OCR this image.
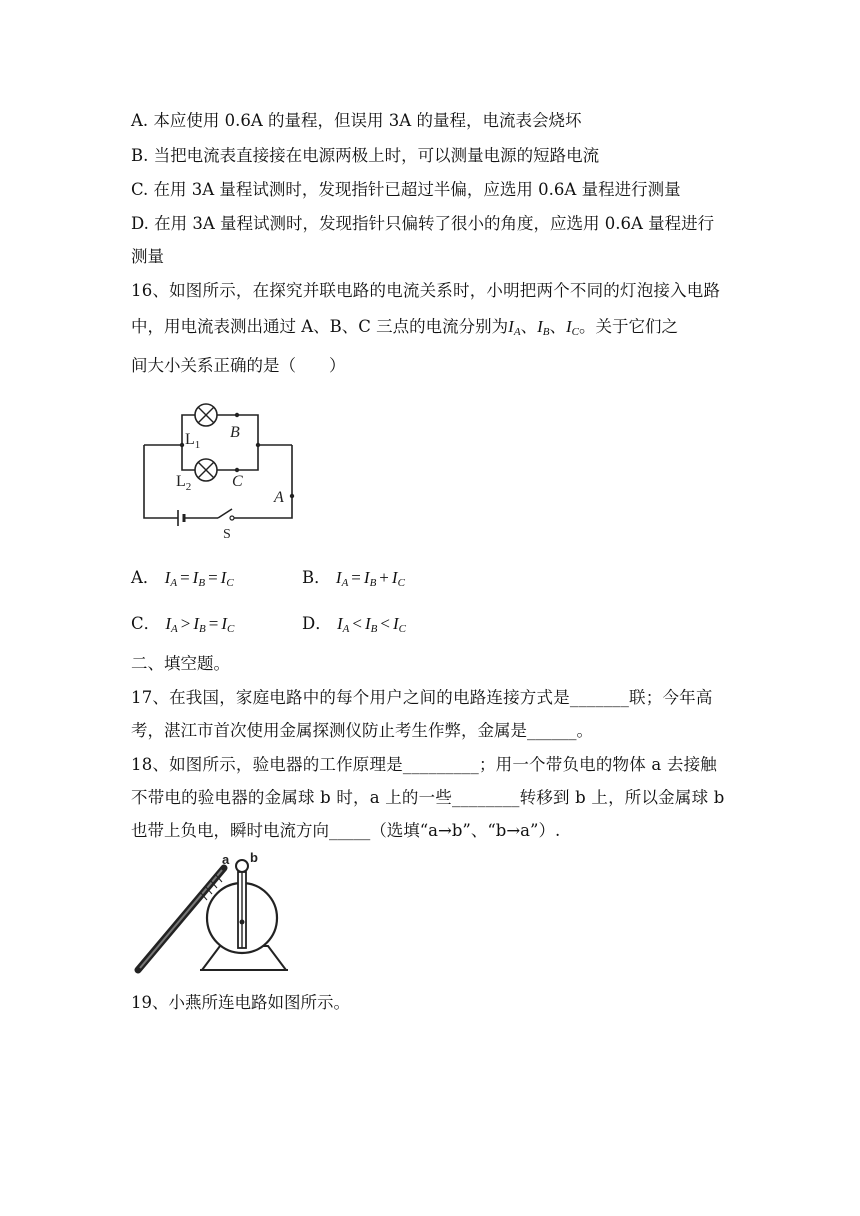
A. 本应使用 0.6A 的量程，但误用 3A 的量程，电流表会烧坏
B. 当把电流表直接接在电源两极上时，可以测量电源的短路电流
C. 在用 3A 量程试测时，发现指针已超过半偏，应选用 0.6A 量程进行测量
D. 在用 3A 量程试测时，发现指针只偏转了很小的角度，应选用 0.6A 量程进行
测量
16、如图所示，在探究并联电路的电流关系时，小明把两个不同的灯泡接入电路
中，用电流表测出通过 A、B、C 三点的电流分别为$I_A$、$I_B$、$I_C$。关于它们之
间大小关系正确的是（　　）
$L_1$
B
$L_2$	C
A
S
A． $I_A = I_B = I_C$	B． $I_A = I_B + I_C$
C． $I_A > I_B = I_C$	D． $I_A < I_B < I_C$
二、填空题。
17、在我国，家庭电路中的每个用户之间的电路连接方式是_______联；今年高
考，湛江市首次使用金属探测仪防止考生作弊，金属是______。
18、如图所示，验电器的工作原理是_________；用一个带负电的物体 a 去接触
不带电的验电器的金属球 b 时，a 上的一些________转移到 b 上，所以金属球 b
也带上负电，瞬时电流方向_____（选填“a→b”、“b→a”）.
a b
19、小燕所连电路如图所示。
